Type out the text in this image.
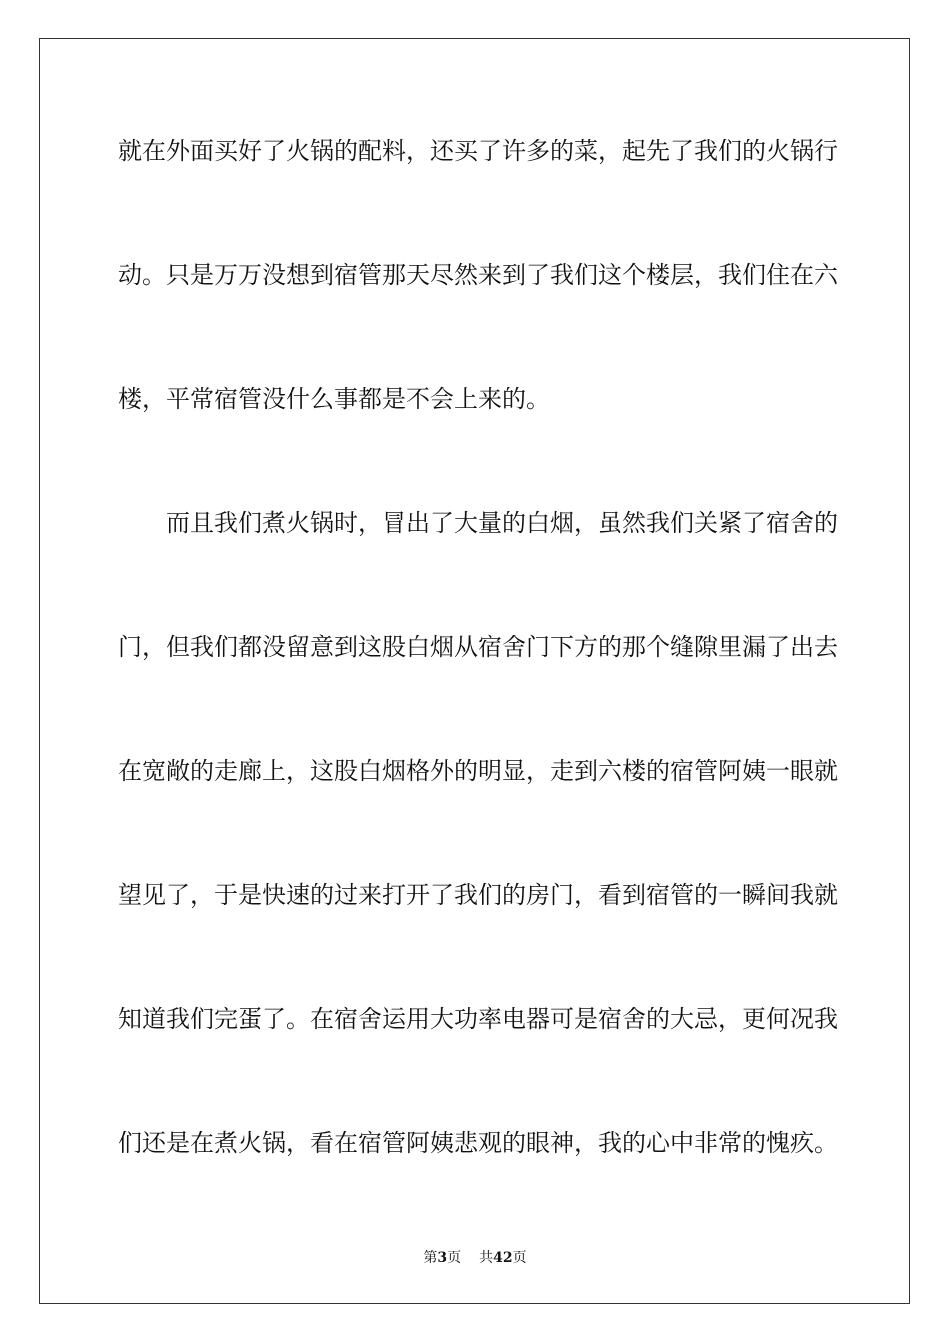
就在外面买好了火锅的配料，还买了许多的菜，起先了我们的火锅行

动。只是万万没想到宿管那天尽然来到了我们这个楼层，我们住在六

楼，平常宿管没什么事都是不会上来的。

而且我们煮火锅时，冒出了大量的白烟，虽然我们关紧了宿舍的

门，但我们都没留意到这股白烟从宿舍门下方的那个缝隙里漏了出去

在宽敞的走廊上，这股白烟格外的明显，走到六楼的宿管阿姨一眼就

望见了，于是快速的过来打开了我们的房门，看到宿管的一瞬间我就

知道我们完蛋了。在宿舍运用大功率电器可是宿舍的大忌，更何况我

们还是在煮火锅，看在宿管阿姨悲观的眼神，我的心中非常的愧疚。

第3页 共42页
